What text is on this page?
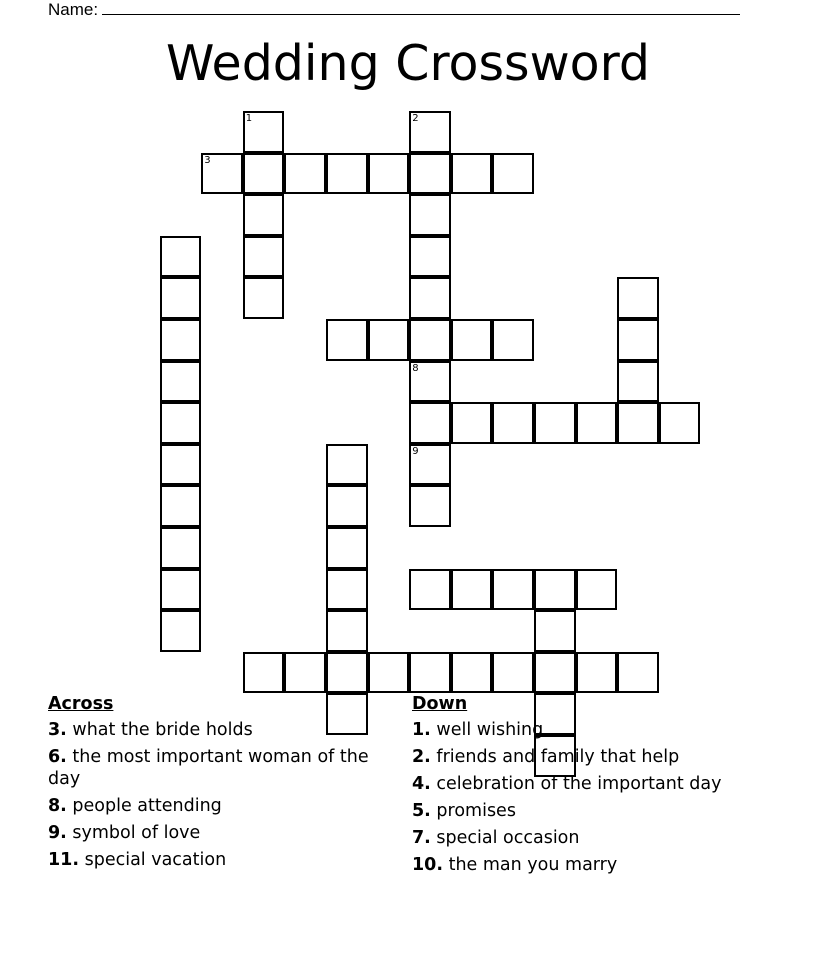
Name:
Wedding Crossword
1
3
2
8
9
Across
3. what the bride holds
6. the most important woman of the day
8. people attending
9. symbol of love
11. special vacation
Down
1. well wishing
2. friends and family that help
4. celebration of the important day
5. promises
7. special occasion
10. the man you marry
